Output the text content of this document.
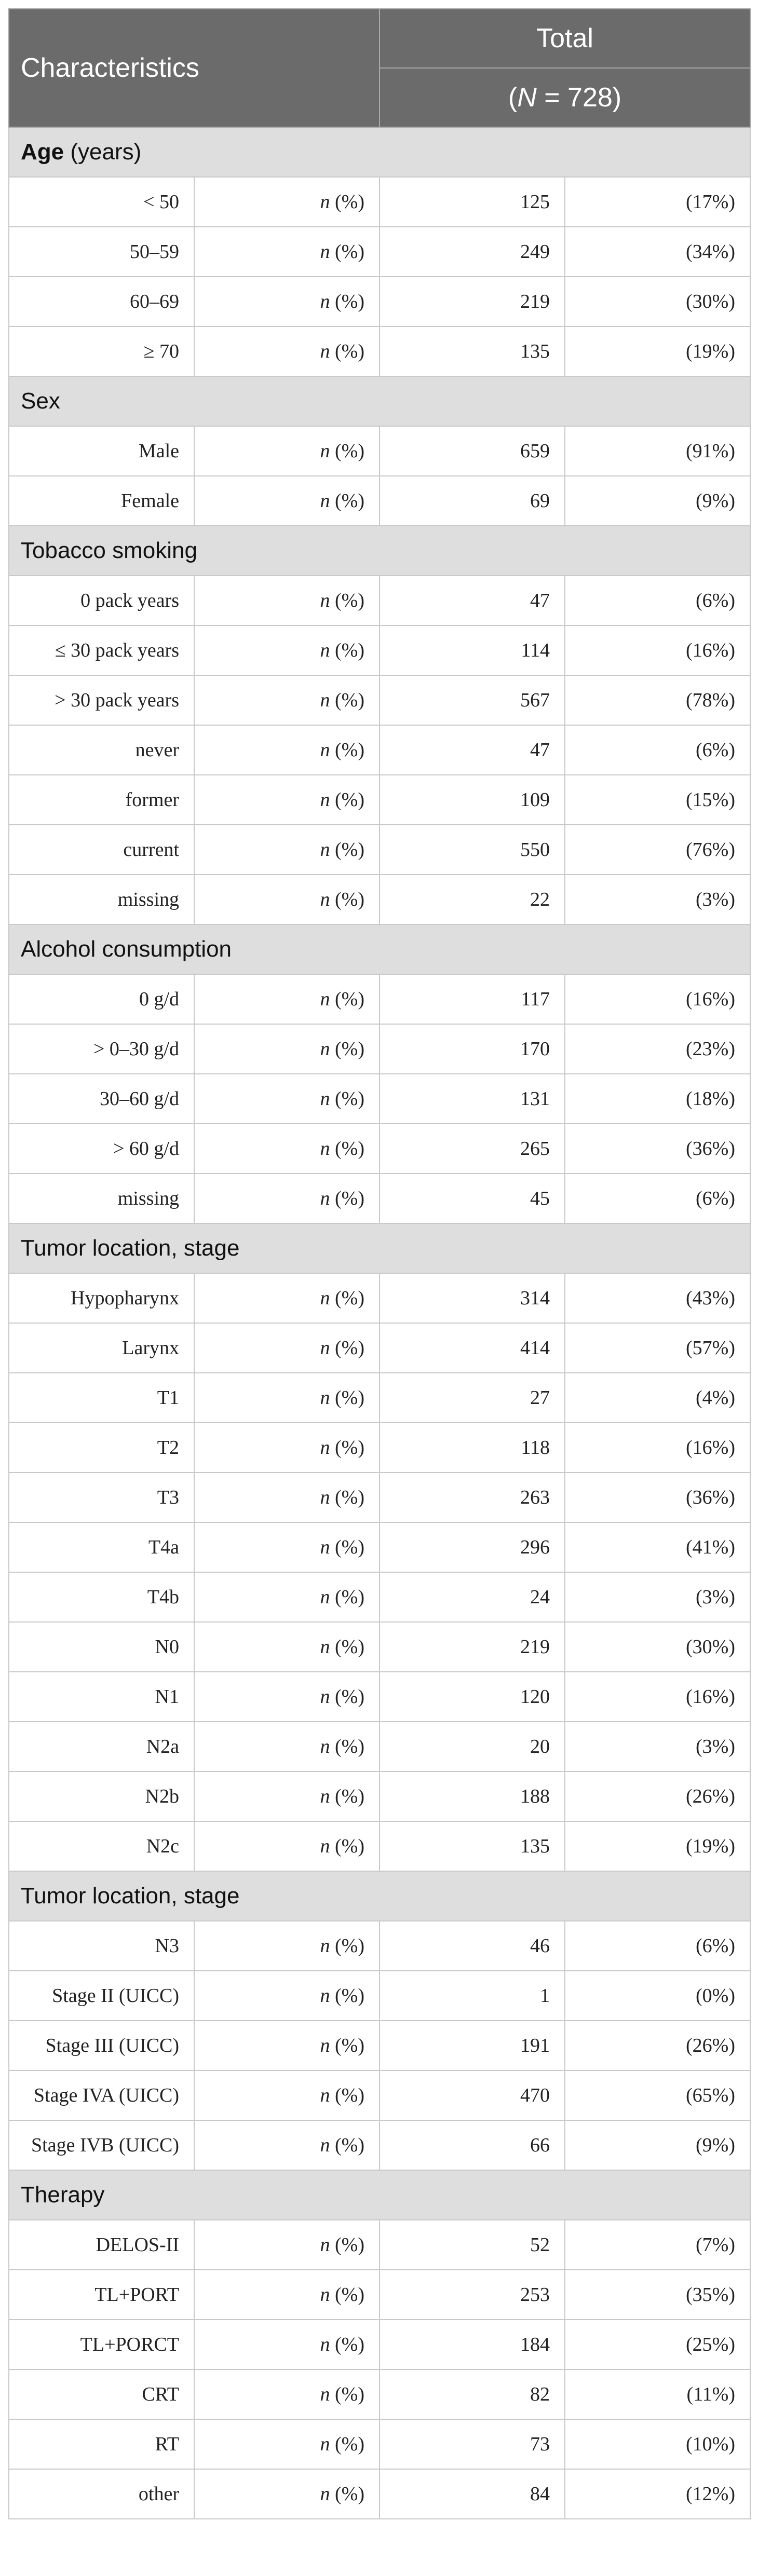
Characteristics		Total	
		(N = 728)	
Age (years)			
< 50	n (%)	125	(17%)
50–59	n (%)	249	(34%)
60–69	n (%)	219	(30%)
≥ 70	n (%)	135	(19%)
Sex			
Male	n (%)	659	(91%)
Female	n (%)	69	(9%)
Tobacco smoking			
0 pack years	n (%)	47	(6%)
≤ 30 pack years	n (%)	114	(16%)
> 30 pack years	n (%)	567	(78%)
never	n (%)	47	(6%)
former	n (%)	109	(15%)
current	n (%)	550	(76%)
missing	n (%)	22	(3%)
Alcohol consumption			
0 g/d	n (%)	117	(16%)
> 0–30 g/d	n (%)	170	(23%)
30–60 g/d	n (%)	131	(18%)
> 60 g/d	n (%)	265	(36%)
missing	n (%)	45	(6%)
Tumor location, stage			
Hypopharynx	n (%)	314	(43%)
Larynx	n (%)	414	(57%)
T1	n (%)	27	(4%)
T2	n (%)	118	(16%)
T3	n (%)	263	(36%)
T4a	n (%)	296	(41%)
T4b	n (%)	24	(3%)
N0	n (%)	219	(30%)
N1	n (%)	120	(16%)
N2a	n (%)	20	(3%)
N2b	n (%)	188	(26%)
N2c	n (%)	135	(19%)
Tumor location, stage			
N3	n (%)	46	(6%)
Stage II (UICC)	n (%)	1	(0%)
Stage III (UICC)	n (%)	191	(26%)
Stage IVA (UICC)	n (%)	470	(65%)
Stage IVB (UICC)	n (%)	66	(9%)
Therapy			
DELOS-II	n (%)	52	(7%)
TL+PORT	n (%)	253	(35%)
TL+PORCT	n (%)	184	(25%)
CRT	n (%)	82	(11%)
RT	n (%)	73	(10%)
other	n (%)	84	(12%)
